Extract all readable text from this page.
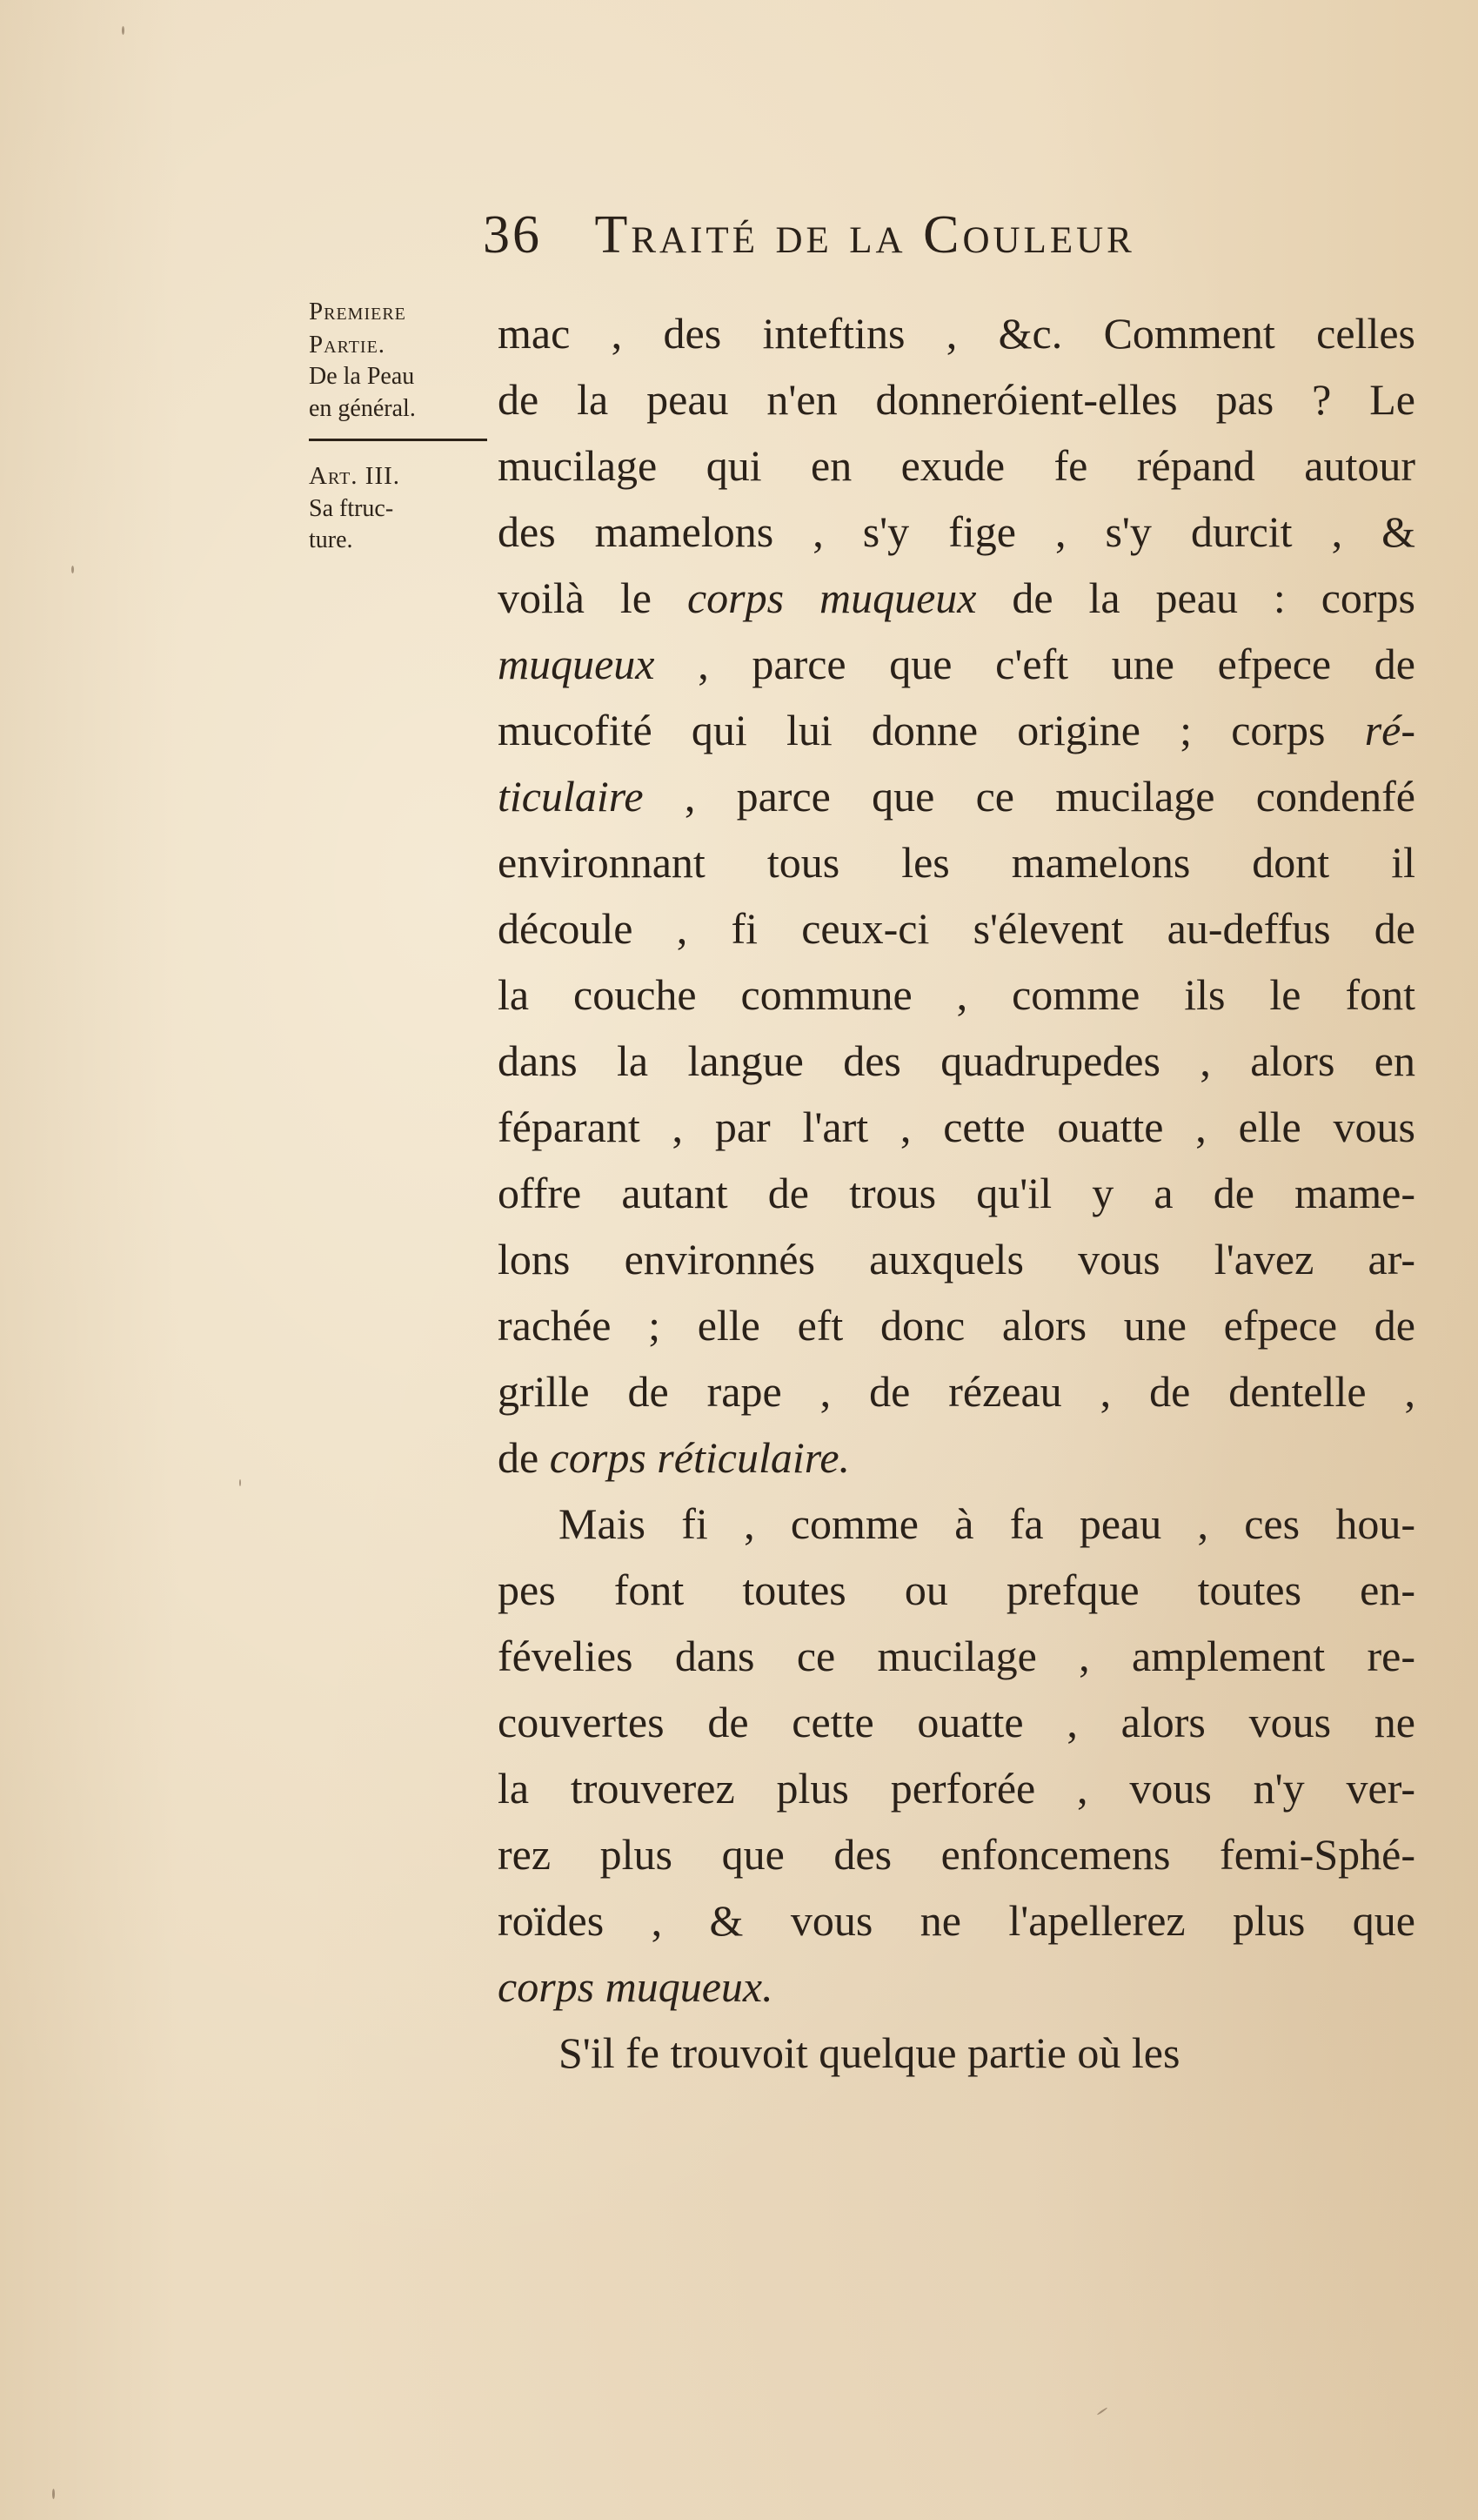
36 Traité de la Couleur
Premiere
Partie.
De la Peau
en général.
Art. III.
Sa ftruc-
ture.
mac , des inteftins , &c. Comment celles
de la peau n'en donneróient-elles pas ? Le
mucilage qui en exude fe répand autour
des mamelons , s'y fige , s'y durcit , &
voilà le corps muqueux de la peau : corps
muqueux , parce que c'eft une efpece de
mucofité qui lui donne origine ; corps ré-
ticulaire , parce que ce mucilage condenfé
environnant tous les mamelons dont il
découle , fi ceux-ci s'élevent au-deffus de
la couche commune , comme ils le font
dans la langue des quadrupedes , alors en
féparant , par l'art , cette ouatte , elle vous
offre autant de trous qu'il y a de mame-
lons environnés auxquels vous l'avez ar-
rachée ; elle eft donc alors une efpece de
grille de rape , de rézeau , de dentelle ,
de corps réticulaire.
Mais fi , comme à fa peau , ces hou-
pes font toutes ou prefque toutes en-
févelies dans ce mucilage , amplement re-
couvertes de cette ouatte , alors vous ne
la trouverez plus perforée , vous n'y ver-
rez plus que des enfoncemens femi-Sphé-
roïdes , & vous ne l'apellerez plus que
corps muqueux.
S'il fe trouvoit quelque partie où les
